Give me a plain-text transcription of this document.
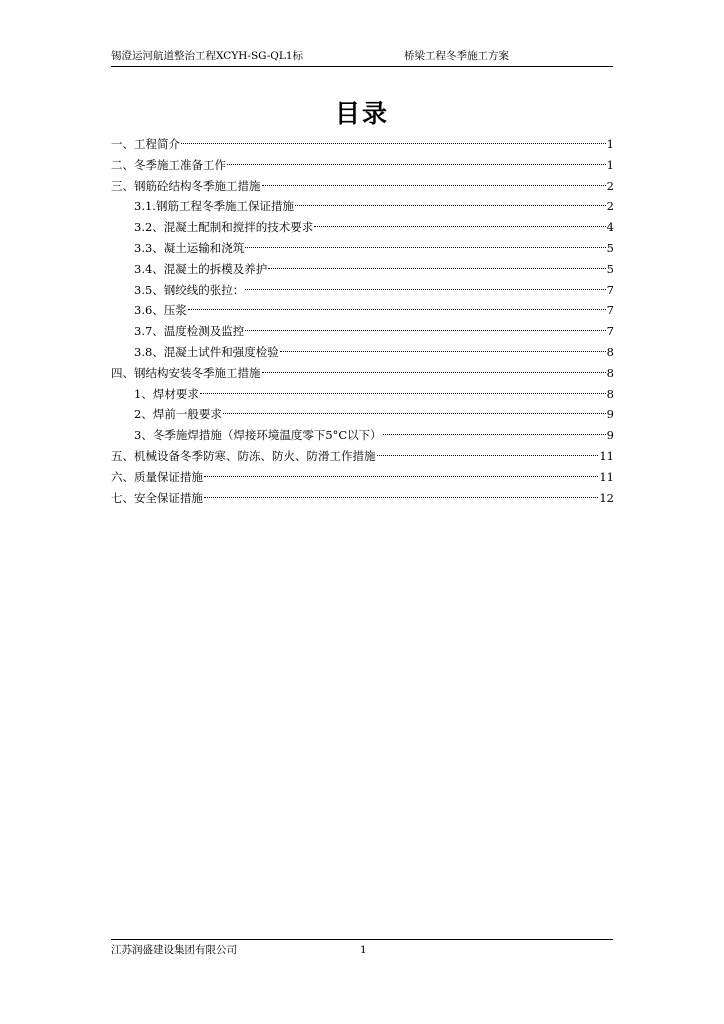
锡澄运河航道整治工程XCYH-SG-QL1标	桥梁工程冬季施工方案
目录
一、工程简介	1
二、冬季施工准备工作	1
三、钢筋砼结构冬季施工措施	2
3.1.钢筋工程冬季施工保证措施	2
3.2、混凝土配制和搅拌的技术要求	4
3.3、凝土运输和浇筑	5
3.4、混凝土的拆模及养护	5
3.5、钢绞线的张拉：	7
3.6、压浆	7
3.7、温度检测及监控	7
3.8、混凝土试件和强度检验	8
四、钢结构安装冬季施工措施	8
1、焊材要求	8
2、焊前一般要求	9
3、冬季施焊措施（焊接环境温度零下5°C以下）	9
五、机械设备冬季防寒、防冻、防火、防滑工作措施	11
六、质量保证措施	11
七、安全保证措施	12
江苏润盛建设集团有限公司	1
